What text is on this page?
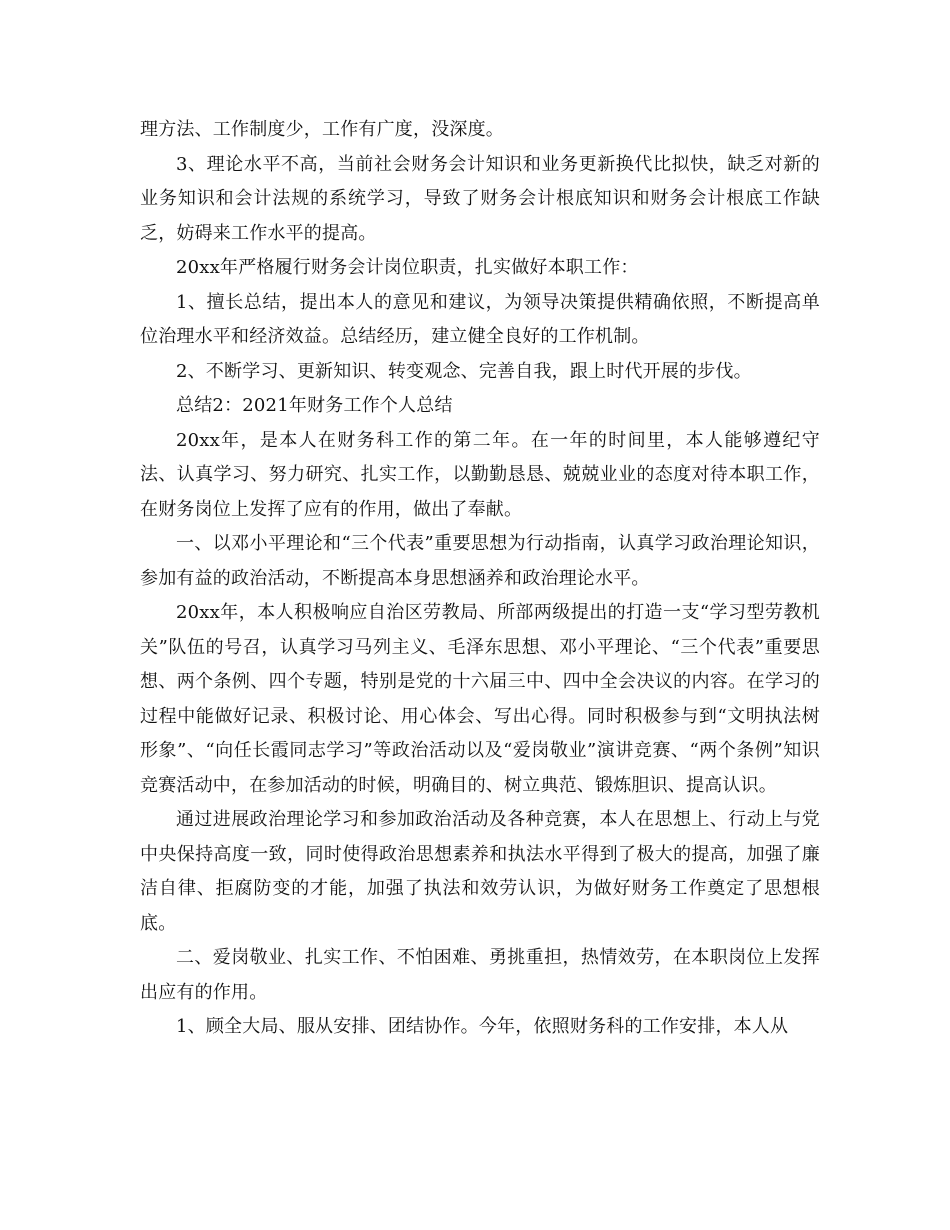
理方法、工作制度少，工作有广度，没深度。

3、理论水平不高，当前社会财务会计知识和业务更新换代比拟快，缺乏对新的业务知识和会计法规的系统学习，导致了财务会计根底知识和财务会计根底工作缺乏，妨碍来工作水平的提高。

20xx年严格履行财务会计岗位职责，扎实做好本职工作：

1、擅长总结，提出本人的意见和建议，为领导决策提供精确依照，不断提高单位治理水平和经济效益。总结经历，建立健全良好的工作机制。

2、不断学习、更新知识、转变观念、完善自我，跟上时代开展的步伐。

总结2：2021年财务工作个人总结

20xx年，是本人在财务科工作的第二年。在一年的时间里，本人能够遵纪守法、认真学习、努力研究、扎实工作，以勤勤恳恳、兢兢业业的态度对待本职工作，在财务岗位上发挥了应有的作用，做出了奉献。

一、以邓小平理论和“三个代表”重要思想为行动指南，认真学习政治理论知识，参加有益的政治活动，不断提高本身思想涵养和政治理论水平。

20xx年，本人积极响应自治区劳教局、所部两级提出的打造一支“学习型劳教机关”队伍的号召，认真学习马列主义、毛泽东思想、邓小平理论、“三个代表”重要思想、两个条例、四个专题，特别是党的十六届三中、四中全会决议的内容。在学习的过程中能做好记录、积极讨论、用心体会、写出心得。同时积极参与到“文明执法树形象”、“向任长霞同志学习”等政治活动以及“爱岗敬业”演讲竞赛、“两个条例”知识竞赛活动中，在参加活动的时候，明确目的、树立典范、锻炼胆识、提高认识。

通过进展政治理论学习和参加政治活动及各种竞赛，本人在思想上、行动上与党中央保持高度一致，同时使得政治思想素养和执法水平得到了极大的提高，加强了廉洁自律、拒腐防变的才能，加强了执法和效劳认识，为做好财务工作奠定了思想根底。

二、爱岗敬业、扎实工作、不怕困难、勇挑重担，热情效劳，在本职岗位上发挥出应有的作用。

1、顾全大局、服从安排、团结协作。今年，依照财务科的工作安排，本人从
